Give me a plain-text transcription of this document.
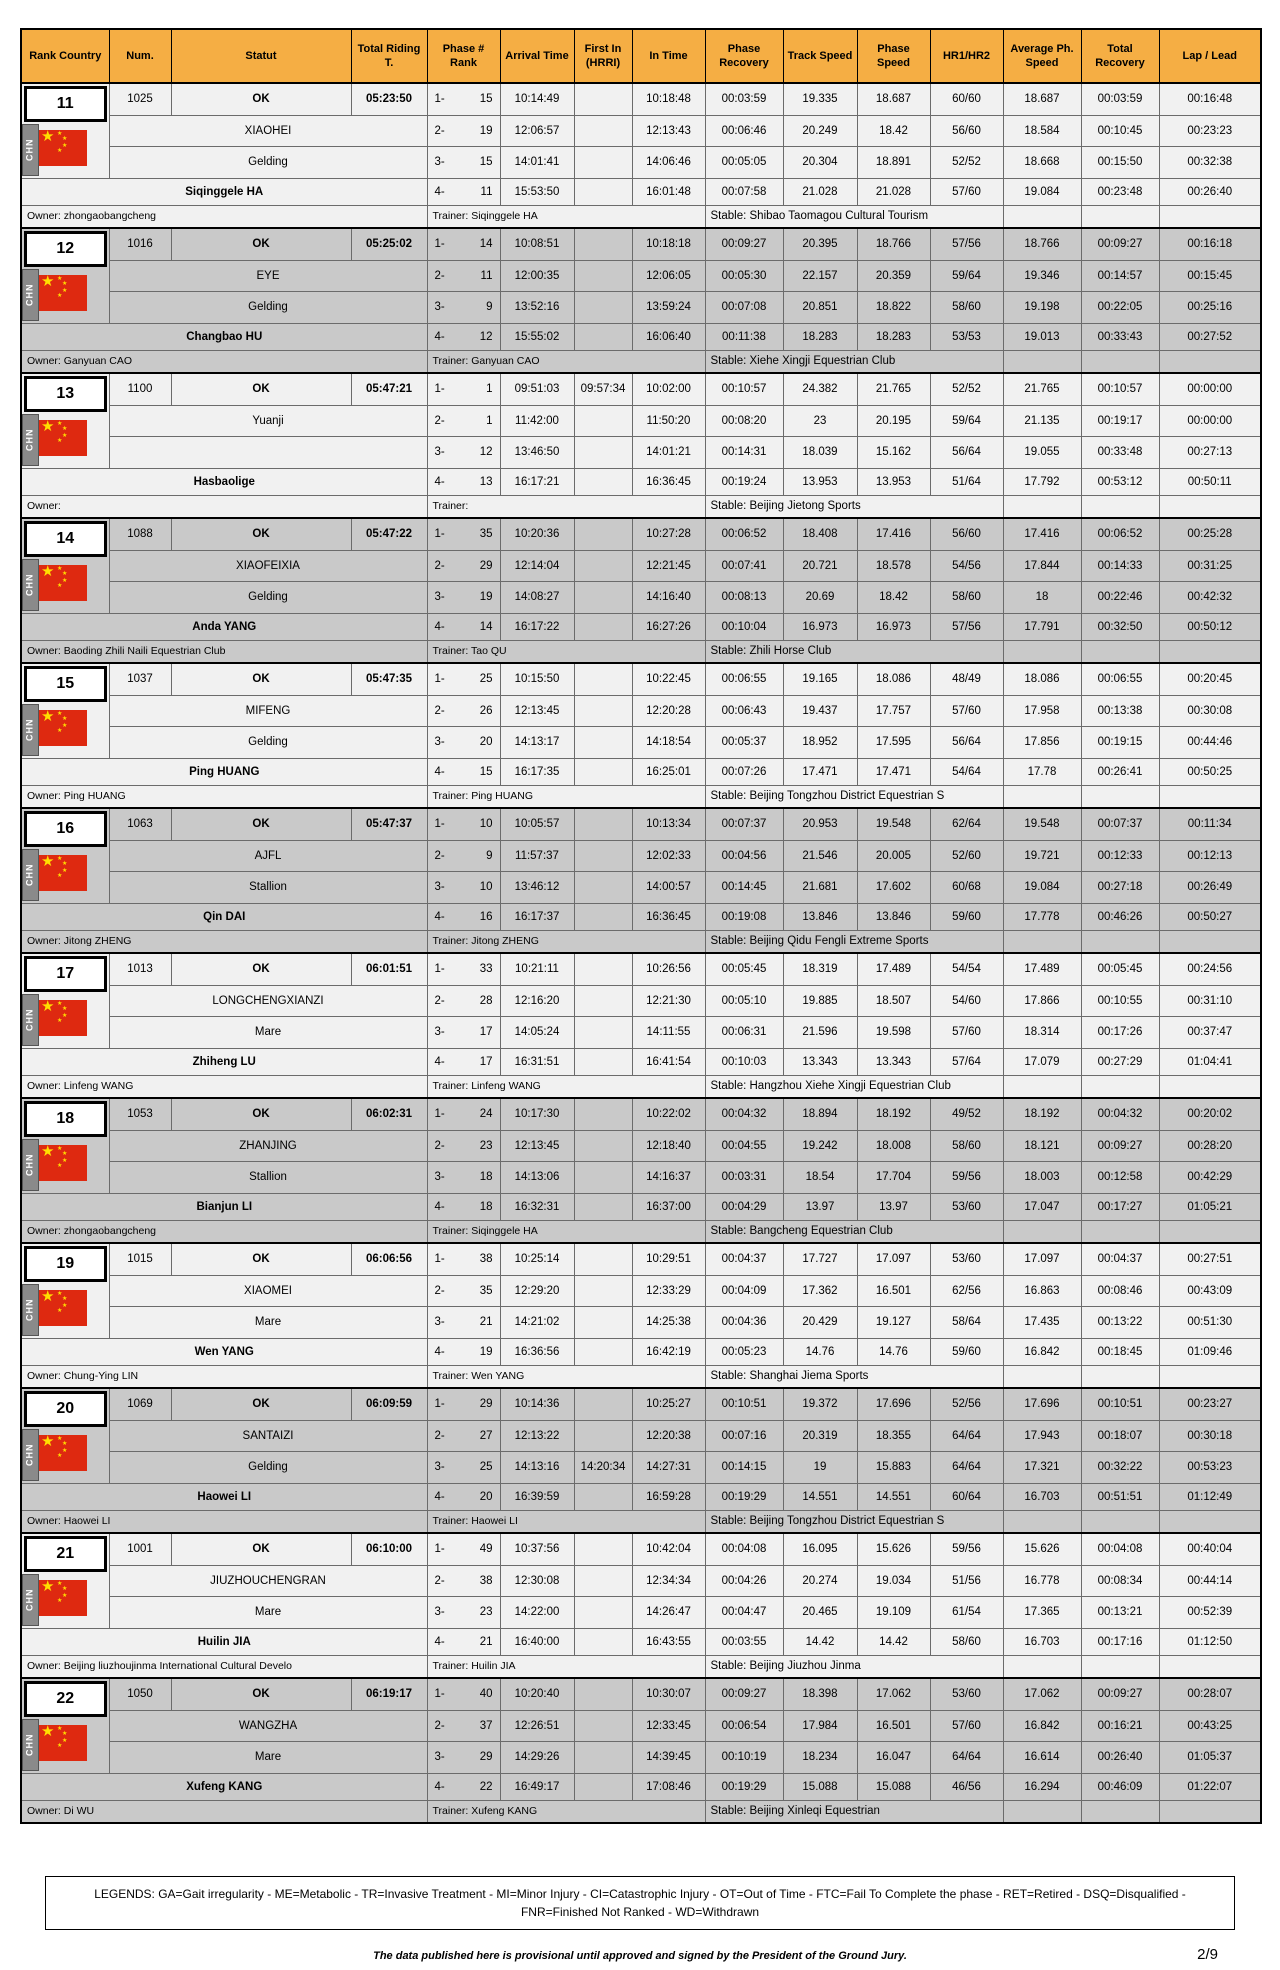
Rank Country	Num.	Statut	Total Riding T.	Phase # Rank	Arrival Time	First In (HRRI)	In Time	Phase Recovery	Track Speed	Phase Speed	HR1/HR2	Average Ph. Speed	Total Recovery	Lap / Lead

11
CHN
★ ★
★
★
★
	1025	OK	05:23:50	1-	15	10:14:49		10:18:48	00:03:59	19.335	18.687	60/60	18.687	00:03:59	00:16:48
	XIAOHEI			2- 19	12:06:57		12:13:43	00:06:46	20.249	18.42	56/60	18.584	00:10:45	00:23:23
	Gelding			3- 15	14:01:41		14:06:46	00:05:05	20.304	18.891	52/52	18.668	00:15:50	00:32:38
Siqinggele HA				4- 11	15:53:50		16:01:48	00:07:58	21.028	21.028	57/60	19.084	00:23:48	00:26:40
Owner: zhongaobangcheng				Trainer: Siqinggele HA				Stable: Shibao Taomagou Cultural Tourism						

12
CHN
★ ★
★
★
★
	1016	OK	05:25:02	1-	14	10:08:51		10:18:18	00:09:27	20.395	18.766	57/56	18.766	00:09:27	00:16:18
	EYE			2- 11	12:00:35		12:06:05	00:05:30	22.157	20.359	59/64	19.346	00:14:57	00:15:45
	Gelding			3- 9	13:52:16		13:59:24	00:07:08	20.851	18.822	58/60	19.198	00:22:05	00:25:16
Changbao HU				4- 12	15:55:02		16:06:40	00:11:38	18.283	18.283	53/53	19.013	00:33:43	00:27:52
Owner: Ganyuan CAO				Trainer: Ganyuan CAO				Stable: Xiehe Xingji Equestrian Club						

13
CHN
★ ★
★
★
★
	1100	OK	05:47:21	1-	1	09:51:03	09:57:34	10:02:00	00:10:57	24.382	21.765	52/52	21.765	00:10:57	00:00:00
	Yuanji			2- 1	11:42:00		11:50:20	00:08:20	23	20.195	59/64	21.135	00:19:17	00:00:00

				3- 12	13:46:50		14:01:21	00:14:31	18.039	15.162	56/64	19.055	00:33:48	00:27:13
Hasbaolige				4- 13	16:17:21		16:36:45	00:19:24	13.953	13.953	51/64	17.792	00:53:12	00:50:11
Owner:				Trainer:				Stable: Beijing Jietong Sports						

14
CHN
★ ★
★
★
★
	1088	OK	05:47:22	1-	35	10:20:36		10:27:28	00:06:52	18.408	17.416	56/60	17.416	00:06:52	00:25:28
	XIAOFEIXIA			2- 29	12:14:04		12:21:45	00:07:41	20.721	18.578	54/56	17.844	00:14:33	00:31:25
	Gelding			3- 19	14:08:27		14:16:40	00:08:13	20.69	18.42	58/60	18	00:22:46	00:42:32
Anda YANG				4- 14	16:17:22		16:27:26	00:10:04	16.973	16.973	57/56	17.791	00:32:50	00:50:12
Owner: Baoding Zhili Naili Equestrian Club				Trainer: Tao QU				Stable: Zhili Horse Club						

15
CHN
★ ★
★
★
★
	1037	OK	05:47:35	1-	25	10:15:50		10:22:45	00:06:55	19.165	18.086	48/49	18.086	00:06:55	00:20:45
	MIFENG			2- 26	12:13:45		12:20:28	00:06:43	19.437	17.757	57/60	17.958	00:13:38	00:30:08
	Gelding			3- 20	14:13:17		14:18:54	00:05:37	18.952	17.595	56/64	17.856	00:19:15	00:44:46
Ping HUANG				4- 15	16:17:35		16:25:01	00:07:26	17.471	17.471	54/64	17.78	00:26:41	00:50:25
Owner: Ping HUANG				Trainer: Ping HUANG				Stable: Beijing Tongzhou District Equestrian S						

16
CHN
★ ★
★
★
★
	1063	OK	05:47:37	1-	10	10:05:57		10:13:34	00:07:37	20.953	19.548	62/64	19.548	00:07:37	00:11:34
	AJFL			2- 9	11:57:37		12:02:33	00:04:56	21.546	20.005	52/60	19.721	00:12:33	00:12:13
	Stallion			3- 10	13:46:12		14:00:57	00:14:45	21.681	17.602	60/68	19.084	00:27:18	00:26:49
Qin DAI				4- 16	16:17:37		16:36:45	00:19:08	13.846	13.846	59/60	17.778	00:46:26	00:50:27
Owner: Jitong ZHENG				Trainer: Jitong ZHENG				Stable: Beijing Qidu Fengli Extreme Sports						

17
CHN
★ ★
★
★
★
	1013	OK	06:01:51	1-	33	10:21:11		10:26:56	00:05:45	18.319	17.489	54/54	17.489	00:05:45	00:24:56
	LONGCHENGXIANZI			2- 28	12:16:20		12:21:30	00:05:10	19.885	18.507	54/60	17.866	00:10:55	00:31:10
	Mare			3- 17	14:05:24		14:11:55	00:06:31	21.596	19.598	57/60	18.314	00:17:26	00:37:47
Zhiheng LU				4- 17	16:31:51		16:41:54	00:10:03	13.343	13.343	57/64	17.079	00:27:29	01:04:41
Owner: Linfeng WANG				Trainer: Linfeng WANG				Stable: Hangzhou Xiehe Xingji Equestrian Club						

18
CHN
★ ★
★
★
★
	1053	OK	06:02:31	1-	24	10:17:30		10:22:02	00:04:32	18.894	18.192	49/52	18.192	00:04:32	00:20:02
	ZHANJING			2- 23	12:13:45		12:18:40	00:04:55	19.242	18.008	58/60	18.121	00:09:27	00:28:20
	Stallion			3- 18	14:13:06		14:16:37	00:03:31	18.54	17.704	59/56	18.003	00:12:58	00:42:29
Bianjun LI				4- 18	16:32:31		16:37:00	00:04:29	13.97	13.97	53/60	17.047	00:17:27	01:05:21
Owner: zhongaobangcheng				Trainer: Siqinggele HA				Stable: Bangcheng Equestrian Club						

19
CHN
★ ★
★
★
★
	1015	OK	06:06:56	1-	38	10:25:14		10:29:51	00:04:37	17.727	17.097	53/60	17.097	00:04:37	00:27:51
	XIAOMEI			2- 35	12:29:20		12:33:29	00:04:09	17.362	16.501	62/56	16.863	00:08:46	00:43:09
	Mare			3- 21	14:21:02		14:25:38	00:04:36	20.429	19.127	58/64	17.435	00:13:22	00:51:30
Wen YANG				4- 19	16:36:56		16:42:19	00:05:23	14.76	14.76	59/60	16.842	00:18:45	01:09:46
Owner: Chung-Ying LIN				Trainer: Wen YANG				Stable: Shanghai Jiema Sports						

20
CHN
★ ★
★
★
★
	1069	OK	06:09:59	1-	29	10:14:36		10:25:27	00:10:51	19.372	17.696	52/56	17.696	00:10:51	00:23:27
	SANTAIZI			2- 27	12:13:22		12:20:38	00:07:16	20.319	18.355	64/64	17.943	00:18:07	00:30:18
	Gelding			3- 25	14:13:16	14:20:34	14:27:31	00:14:15	19	15.883	64/64	17.321	00:32:22	00:53:23
Haowei LI				4- 20	16:39:59		16:59:28	00:19:29	14.551	14.551	60/64	16.703	00:51:51	01:12:49
Owner: Haowei LI				Trainer: Haowei LI				Stable: Beijing Tongzhou District Equestrian S						

21
CHN
★ ★
★
★
★
	1001	OK	06:10:00	1-	49	10:37:56		10:42:04	00:04:08	16.095	15.626	59/56	15.626	00:04:08	00:40:04
	JIUZHOUCHENGRAN			2- 38	12:30:08		12:34:34	00:04:26	20.274	19.034	51/56	16.778	00:08:34	00:44:14
	Mare			3- 23	14:22:00		14:26:47	00:04:47	20.465	19.109	61/54	17.365	00:13:21	00:52:39
Huilin JIA				4- 21	16:40:00		16:43:55	00:03:55	14.42	14.42	58/60	16.703	00:17:16	01:12:50
Owner: Beijing liuzhoujinma International Cultural Develo				Trainer: Huilin JIA				Stable: Beijing Jiuzhou Jinma						

22
CHN
★ ★
★
★
★
	1050	OK	06:19:17	1-	40	10:20:40		10:30:07	00:09:27	18.398	17.062	53/60	17.062	00:09:27	00:28:07
	WANGZHA			2- 37	12:26:51		12:33:45	00:06:54	17.984	16.501	57/60	16.842	00:16:21	00:43:25
	Mare			3- 29	14:29:26		14:39:45	00:10:19	18.234	16.047	64/64	16.614	00:26:40	01:05:37
Xufeng KANG				4- 22	16:49:17		17:08:46	00:19:29	15.088	15.088	46/56	16.294	00:46:09	01:22:07
Owner: Di WU				Trainer: Xufeng KANG				Stable: Beijing Xinleqi Equestrian						
LEGENDS: GA=Gait irregularity - ME=Metabolic - TR=Invasive Treatment - MI=Minor Injury - CI=Catastrophic Injury - OT=Out of Time - FTC=Fail To Complete the phase - RET=Retired - DSQ=Disqualified - FNR=Finished Not Ranked - WD=Withdrawn
The data published here is provisional until approved and signed by the President of the Ground Jury.	2/9
